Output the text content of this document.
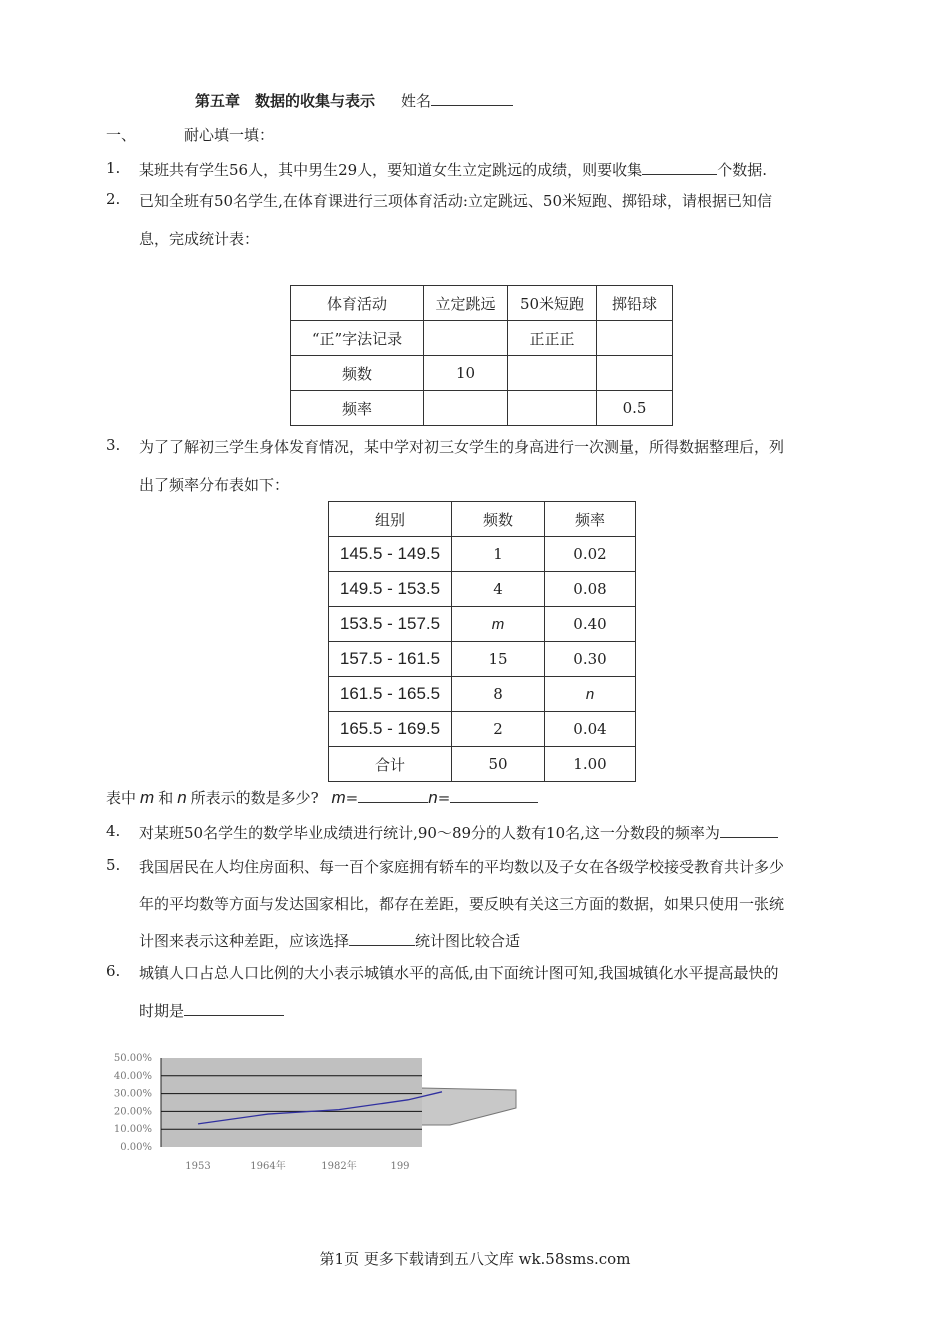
第五章　数据的收集与表示 姓名
一、	耐心填一填：
1. 某班共有学生56人，其中男生29人，要知道女生立定跳远的成绩，则要收集	个数据.
2. 已知全班有50名学生,在体育课进行三项体育活动:立定跳远、50米短跑、掷铅球，请根据已知信
息，完成统计表：
体育活动	立定跳远	50米短跑	掷铅球
“正”字法记录		正正正	
频数	10		
频率			0.5
3. 为了了解初三学生身体发育情况，某中学对初三女学生的身高进行一次测量，所得数据整理后，列
出了频率分布表如下：
组别	频数	频率
145.5 - 149.5	1	0.02
149.5 - 153.5	4	0.08
153.5 - 157.5	m	0.40
157.5 - 161.5	15	0.30
161.5 - 165.5	8	n
165.5 - 169.5	2	0.04
合计	50	1.00
表中 m 和 n 所表示的数是多少? m=	n=
4. 对某班50名学生的数学毕业成绩进行统计,90～89分的人数有10名,这一分数段的频率为
5. 我国居民在人均住房面积、每一百个家庭拥有轿车的平均数以及子女在各级学校接受教育共计多少
年的平均数等方面与发达国家相比，都存在差距，要反映有关这三方面的数据，如果只使用一张统
计图来表示这种差距，应该选择	统计图比较合适
6. 城镇人口占总人口比例的大小表示城镇水平的高低,由下面统计图可知,我国城镇化水平提高最快的
时期是
50.00%
40.00%
30.00%
20.00%
10.00%
0.00%
1953	1964年	1982年	199
第1页 更多下载请到五八文库 wk.58sms.com
